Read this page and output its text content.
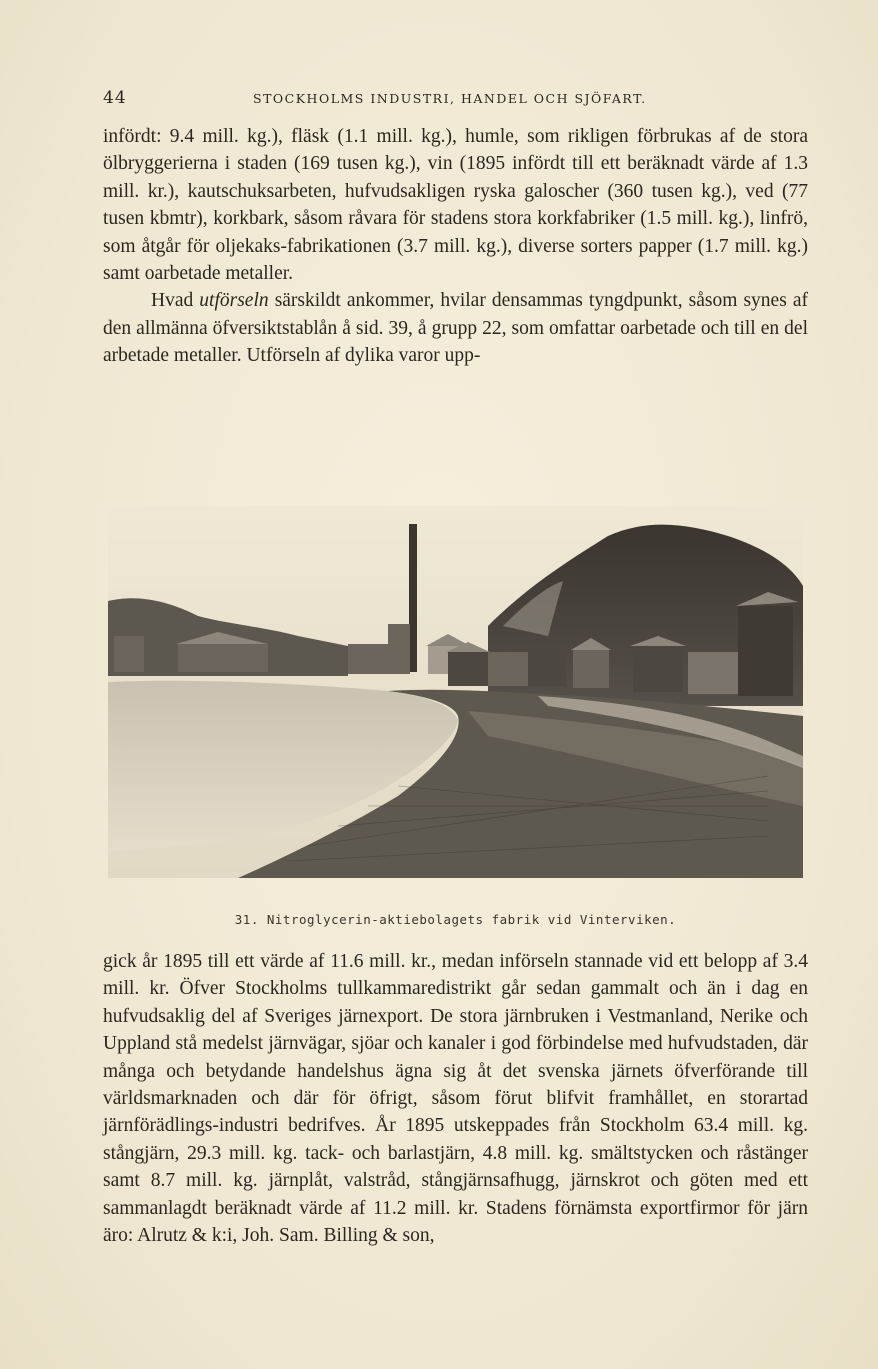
44	STOCKHOLMS INDUSTRI, HANDEL OCH SJÖFART.

infördt: 9.4 mill. kg.), fläsk (1.1 mill. kg.), humle, som rikligen förbrukas af de stora ölbryggerierna i staden (169 tusen kg.), vin (1895 infördt till ett beräknadt värde af 1.3 mill. kr.), kautschuksarbeten, hufvudsakligen ryska galoscher (360 tusen kg.), ved (77 tusen kbmtr), korkbark, såsom råvara för stadens stora korkfabriker (1.5 mill. kg.), linfrö, som åtgår för oljekaks-fabrikationen (3.7 mill. kg.), diverse sorters papper (1.7 mill. kg.) samt oarbetade metaller.

Hvad utförseln särskildt ankommer, hvilar densammas tyngdpunkt, såsom synes af den allmänna öfversiktstablån å sid. 39, å grupp 22, som omfattar oarbetade och till en del arbetade metaller. Utförseln af dylika varor upp-

31. Nitroglycerin-aktiebolagets fabrik vid Vinterviken.

gick år 1895 till ett värde af 11.6 mill. kr., medan införseln stannade vid ett belopp af 3.4 mill. kr. Öfver Stockholms tullkammaredistrikt går sedan gammalt och än i dag en hufvudsaklig del af Sveriges järnexport. De stora järnbruken i Vestmanland, Nerike och Uppland stå medelst järnvägar, sjöar och kanaler i god förbindelse med hufvudstaden, där många och betydande handelshus ägna sig åt det svenska järnets öfverförande till världsmarknaden och där för öfrigt, såsom förut blifvit framhållet, en storartad järnförädlings-industri bedrifves. År 1895 utskeppades från Stockholm 63.4 mill. kg. stångjärn, 29.3 mill. kg. tack- och barlastjärn, 4.8 mill. kg. smältstycken och råstänger samt 8.7 mill. kg. järnplåt, valstråd, stångjärnsafhugg, järnskrot och göten med ett sammanlagdt beräknadt värde af 11.2 mill. kr. Stadens förnämsta exportfirmor för järn äro: Alrutz & k:i, Joh. Sam. Billing & son,
